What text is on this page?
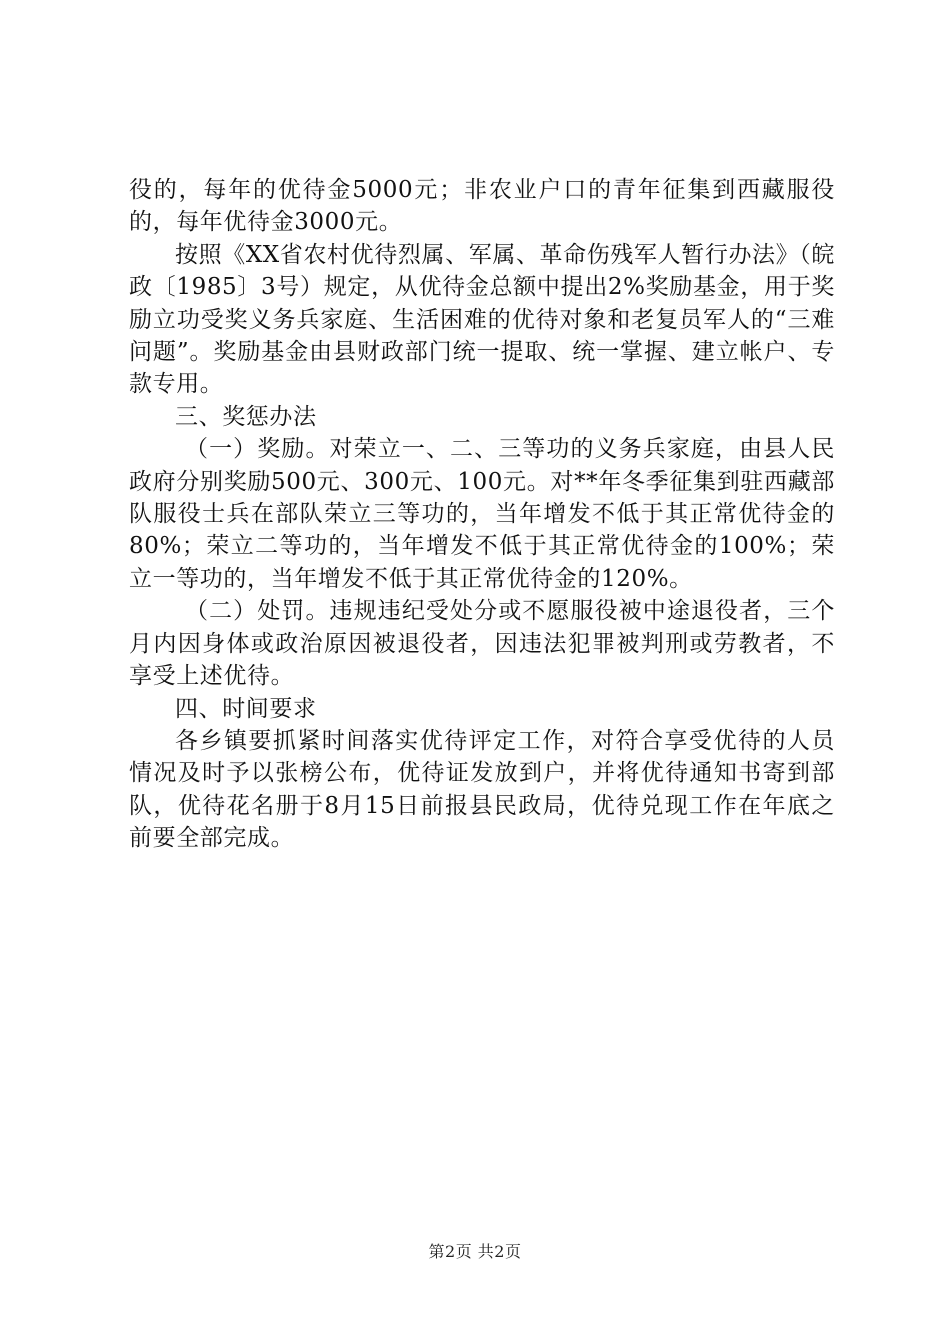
役的，每年的优待金5000元；非农业户口的青年征集到西藏服役的，每年优待金3000元。

按照《XX省农村优待烈属、军属、革命伤残军人暂行办法》（皖政〔1985〕3号）规定，从优待金总额中提出2%奖励基金，用于奖励立功受奖义务兵家庭、生活困难的优待对象和老复员军人的“三难问题”。奖励基金由县财政部门统一提取、统一掌握、建立帐户、专款专用。

三、奖惩办法

（一）奖励。对荣立一、二、三等功的义务兵家庭，由县人民政府分别奖励500元、300元、100元。对**年冬季征集到驻西藏部队服役士兵在部队荣立三等功的，当年增发不低于其正常优待金的80%；荣立二等功的，当年增发不低于其正常优待金的100%；荣立一等功的，当年增发不低于其正常优待金的120%。

（二）处罚。违规违纪受处分或不愿服役被中途退役者，三个月内因身体或政治原因被退役者，因违法犯罪被判刑或劳教者，不享受上述优待。

四、时间要求

各乡镇要抓紧时间落实优待评定工作，对符合享受优待的人员情况及时予以张榜公布，优待证发放到户，并将优待通知书寄到部队，优待花名册于8月15日前报县民政局，优待兑现工作在年底之前要全部完成。

第2页 共2页
